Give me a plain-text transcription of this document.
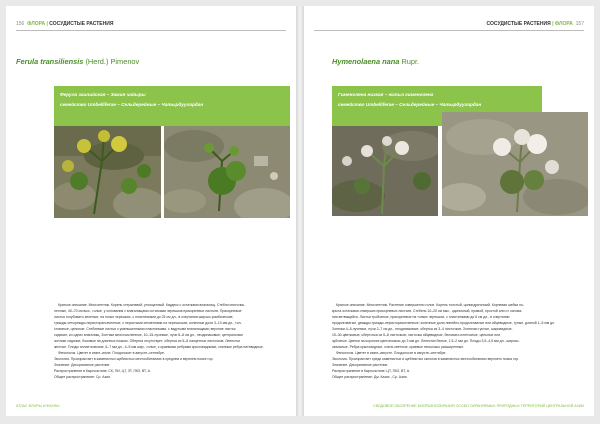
156 ФЛОРА | СОСУДИСТЫЕ РАСТЕНИЯ
Ferula transiliensis (Herd.) Pimenov
Ферула заилийская – Замия чайыры
семейство Umbelliferae – Сельдерейные – Чатырдуулардан

Краткое описание. Многолетник. Корень стержневой, утолщенный. Каудекс с остатками влагалищ. Стебли многочис-

ленные, 40–70 см выс., голые, у основания с влагалищами остатками черешков прикорневых листьев. Прикорневые

листья голубовато-зеленые, на голых черешках, с пластинками до 25 см дл., в очертании широко-ромбические,

трижды-четырежды-перисторассеченные, с перистыми сегментами на черешочках; конечные доли 3–10 мм дл., тол-

стоватые, цельные. Стеблевые листья с уменьшенными пластинками, с вздутыми влагалищами; верхние листья

сидячие, из одних влагалищ. Зонтики многочисленные, 10–15-лучевые, лучи 6–8 см дл., неодинаковые; центральные

зонтики сидячие, боковые на длинных ножках. Обертка отсутствует; обертка из 5–8 ланцетных листочков. Лепестки

желтые. Плоды эллиптические, 6–7 мм дл., 4–5 мм шир., голые, с краевыми ребрами крыловидными, спинные ребра нитевидные.

Фенология. Цветет в июне–июле. Плодоносит в августе–сентябре.

Экология. Произрастает в каменистых щебнистых местообитаниях в среднем и верхнем поясе гор.

Значение. Декоративное растение.

Распространение в Кыргызстане: СК, ПИ, ЦТ, ЗТ, ПКЗ, ВТ, А.

Общее распространение: Ср. Азия.

АТЛАС ФЛОРЫ И ФАУНЫ
СОСУДИСТЫЕ РАСТЕНИЯ | ФЛОРА 157
Hymenolaena nana Rupr.
Гименолена низкая – жапыз гименолена
семейство Umbelliferae – Сельдерейные – Чатырдуулардан

Краткое описание. Многолетник. Растение совершенно голое. Корень толстый, цилиндрический. Корневая шейка по-

крыта остатками отмерших прикорневых листьев. Стебель 10–20 см выс., одиночный, прямой, простой или от основа-

ния ветвящийся. Листья тройчатые, прикорневые на тонких черешках, с пластинками до 6 см дл., в очертании

продолговатые, дважды-трижды-перисторассеченные; конечные доли линейно-продолговатые или яйцевидные, тупые, длиной 1–5 мм дл.

Зонтики 4–8-лучевые, лучи 2–7 см дл., неодинаковые; обертка из 3–4 листочков. Зонтички густые, шаровидные,

15–30-цветковые; оберточка из 5–8 листочков; листочки яйцевидные, беловато-пленчатые, цельные или

зубчатые. Цветки на коротких цветоножках до 3 мм дл. Лепестки белые, 1,5–2 мм дл. Плоды 3,5–4,5 мм дл., широко-

овальные. Ребра крыловидные, очень светлые, краевые несколько расширенные.

Фенология. Цветет в июне–августе. Плодоносит в августе–сентябре.

Экология. Произрастает среди каменистых и щебнистых склонов в каменистых местообитаниях верхнего пояса гор.

Значение. Декоративное растение.

Распространение в Кыргызстане: ЦТ, ПКЗ, ВТ, А.

Общее распространение: Дж. Казах., Ср. Азия.

СВОДОВОЕ ОБОЗРЕНИЕ БИОРАЗНООБРАЗИЯ ОСОБО ОХРАНЯЕМЫХ ПРИРОДНЫХ ТЕРРИТОРИЙ ЦЕНТРАЛЬНОЙ АЗИИ
